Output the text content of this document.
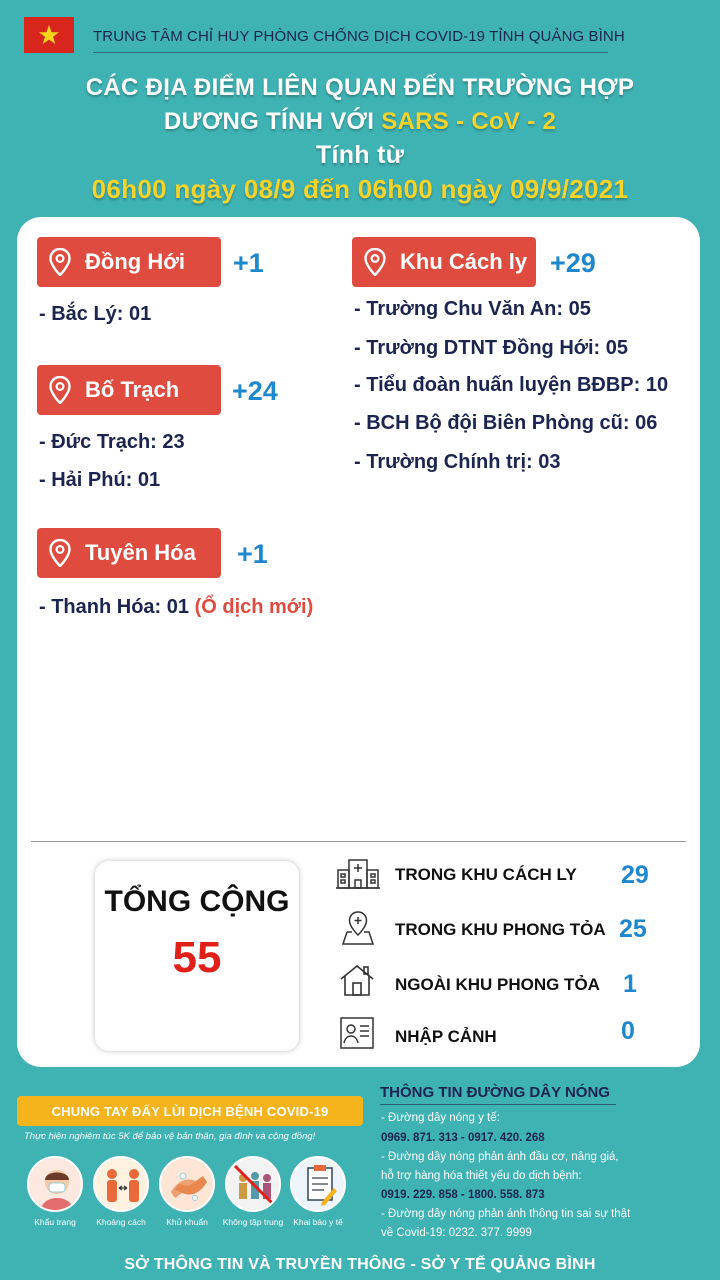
TRUNG TÂM CHỈ HUY PHÒNG CHỐNG DỊCH COVID-19 TỈNH QUẢNG BÌNH
CÁC ĐỊA ĐIỂM LIÊN QUAN ĐẾN TRƯỜNG HỢP
DƯƠNG TÍNH VỚI SARS - CoV - 2
Tính từ
06h00 ngày 08/9 đến 06h00 ngày 09/9/2021
Đồng Hới +1
- Bắc Lý: 01
Bố Trạch +24
- Đức Trạch: 23
- Hải Phú: 01
Tuyên Hóa +1
- Thanh Hóa: 01 (Ổ dịch mới)
Khu Cách ly +29
- Trường Chu Văn An: 05
- Trường DTNT Đồng Hới: 05
- Tiểu đoàn huấn luyện BĐBP: 10
- BCH Bộ đội Biên Phòng cũ: 06
- Trường Chính trị: 03
TỔNG CỘNG
55
TRONG KHU CÁCH LY 29
TRONG KHU PHONG TỎA 25
NGOÀI KHU PHONG TỎA 1
NHẬP CẢNH	0
CHUNG TAY ĐẨY LÙI DỊCH BỆNH COVID-19
Thực hiện nghiêm túc 5K để bảo vệ bản thân, gia đình và cộng đồng!
Khẩu trang	Khoảng cách	Khử khuẩn	Không tập trung	Khai báo y tế
THÔNG TIN ĐƯỜNG DÂY NÓNG
- Đường dây nóng y tế:
0969. 871. 313 - 0917. 420. 268
- Đường dây nóng phản ánh đầu cơ, nâng giá,
hỗ trợ hàng hóa thiết yếu do dịch bệnh:
0919. 229. 858 - 1800. 558. 873
- Đường dây nóng phản ánh thông tin sai sự thật
về Covid-19: 0232. 377. 9999
SỞ THÔNG TIN VÀ TRUYỀN THÔNG - SỞ Y TẾ QUẢNG BÌNH
